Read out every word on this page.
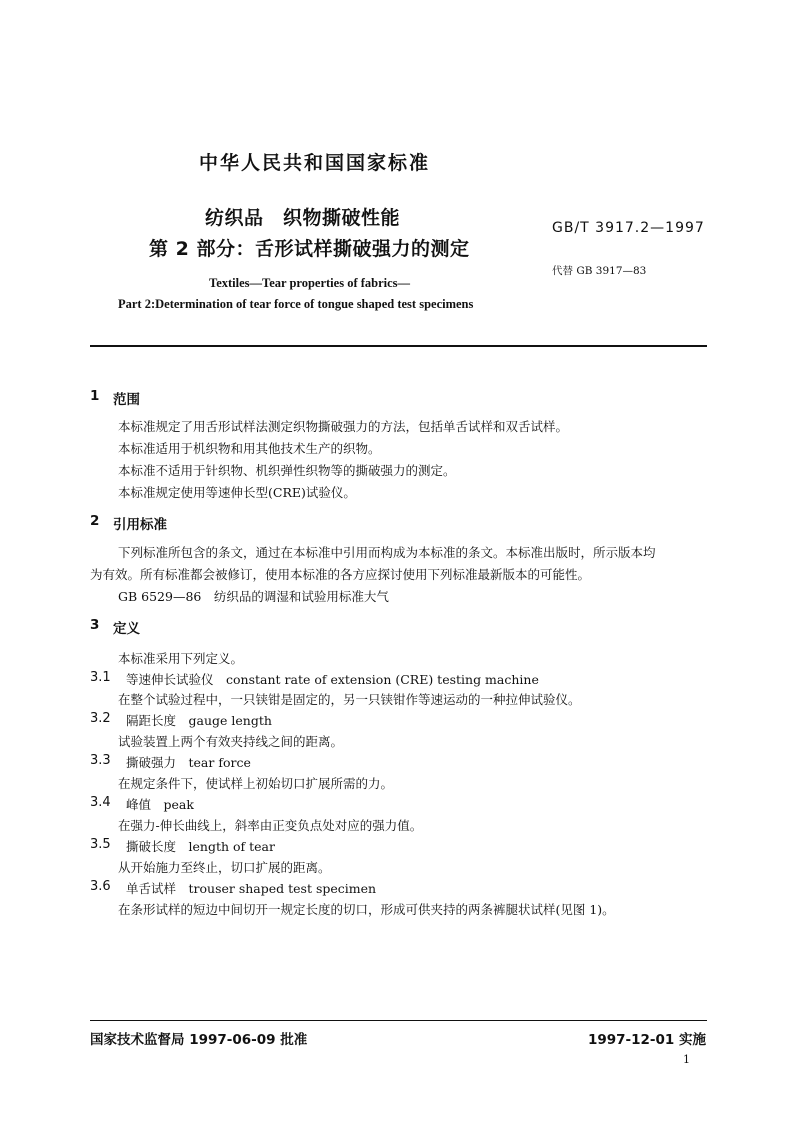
中华人民共和国国家标准
纺织品　织物撕破性能
第 2 部分：舌形试样撕破强力的测定
GB/T 3917.2—1997
代替 GB 3917—83
Textiles—Tear properties of fabrics—
Part 2:Determination of tear force of tongue shaped test specimens
1 范围
本标准规定了用舌形试样法测定织物撕破强力的方法，包括单舌试样和双舌试样。
本标准适用于机织物和用其他技术生产的织物。
本标准不适用于针织物、机织弹性织物等的撕破强力的测定。
本标准规定使用等速伸长型(CRE)试验仪。
2 引用标准
下列标准所包含的条文，通过在本标准中引用而构成为本标准的条文。本标准出版时，所示版本均
为有效。所有标准都会被修订，使用本标准的各方应探讨使用下列标准最新版本的可能性。
GB 6529—86　纺织品的调湿和试验用标准大气
3 定义
本标准采用下列定义。
3.1 等速伸长试验仪　constant rate of extension (CRE) testing machine
在整个试验过程中，一只铗钳是固定的，另一只铗钳作等速运动的一种拉伸试验仪。
3.2 隔距长度　gauge length
试验装置上两个有效夹持线之间的距离。
3.3 撕破强力　tear force
在规定条件下，使试样上初始切口扩展所需的力。
3.4 峰值　peak
在强力-伸长曲线上，斜率由正变负点处对应的强力值。
3.5 撕破长度　length of tear
从开始施力至终止，切口扩展的距离。
3.6 单舌试样　trouser shaped test specimen
在条形试样的短边中间切开一规定长度的切口，形成可供夹持的两条裤腿状试样(见图 1)。
国家技术监督局 1997-06-09 批准	1997-12-01 实施
1
